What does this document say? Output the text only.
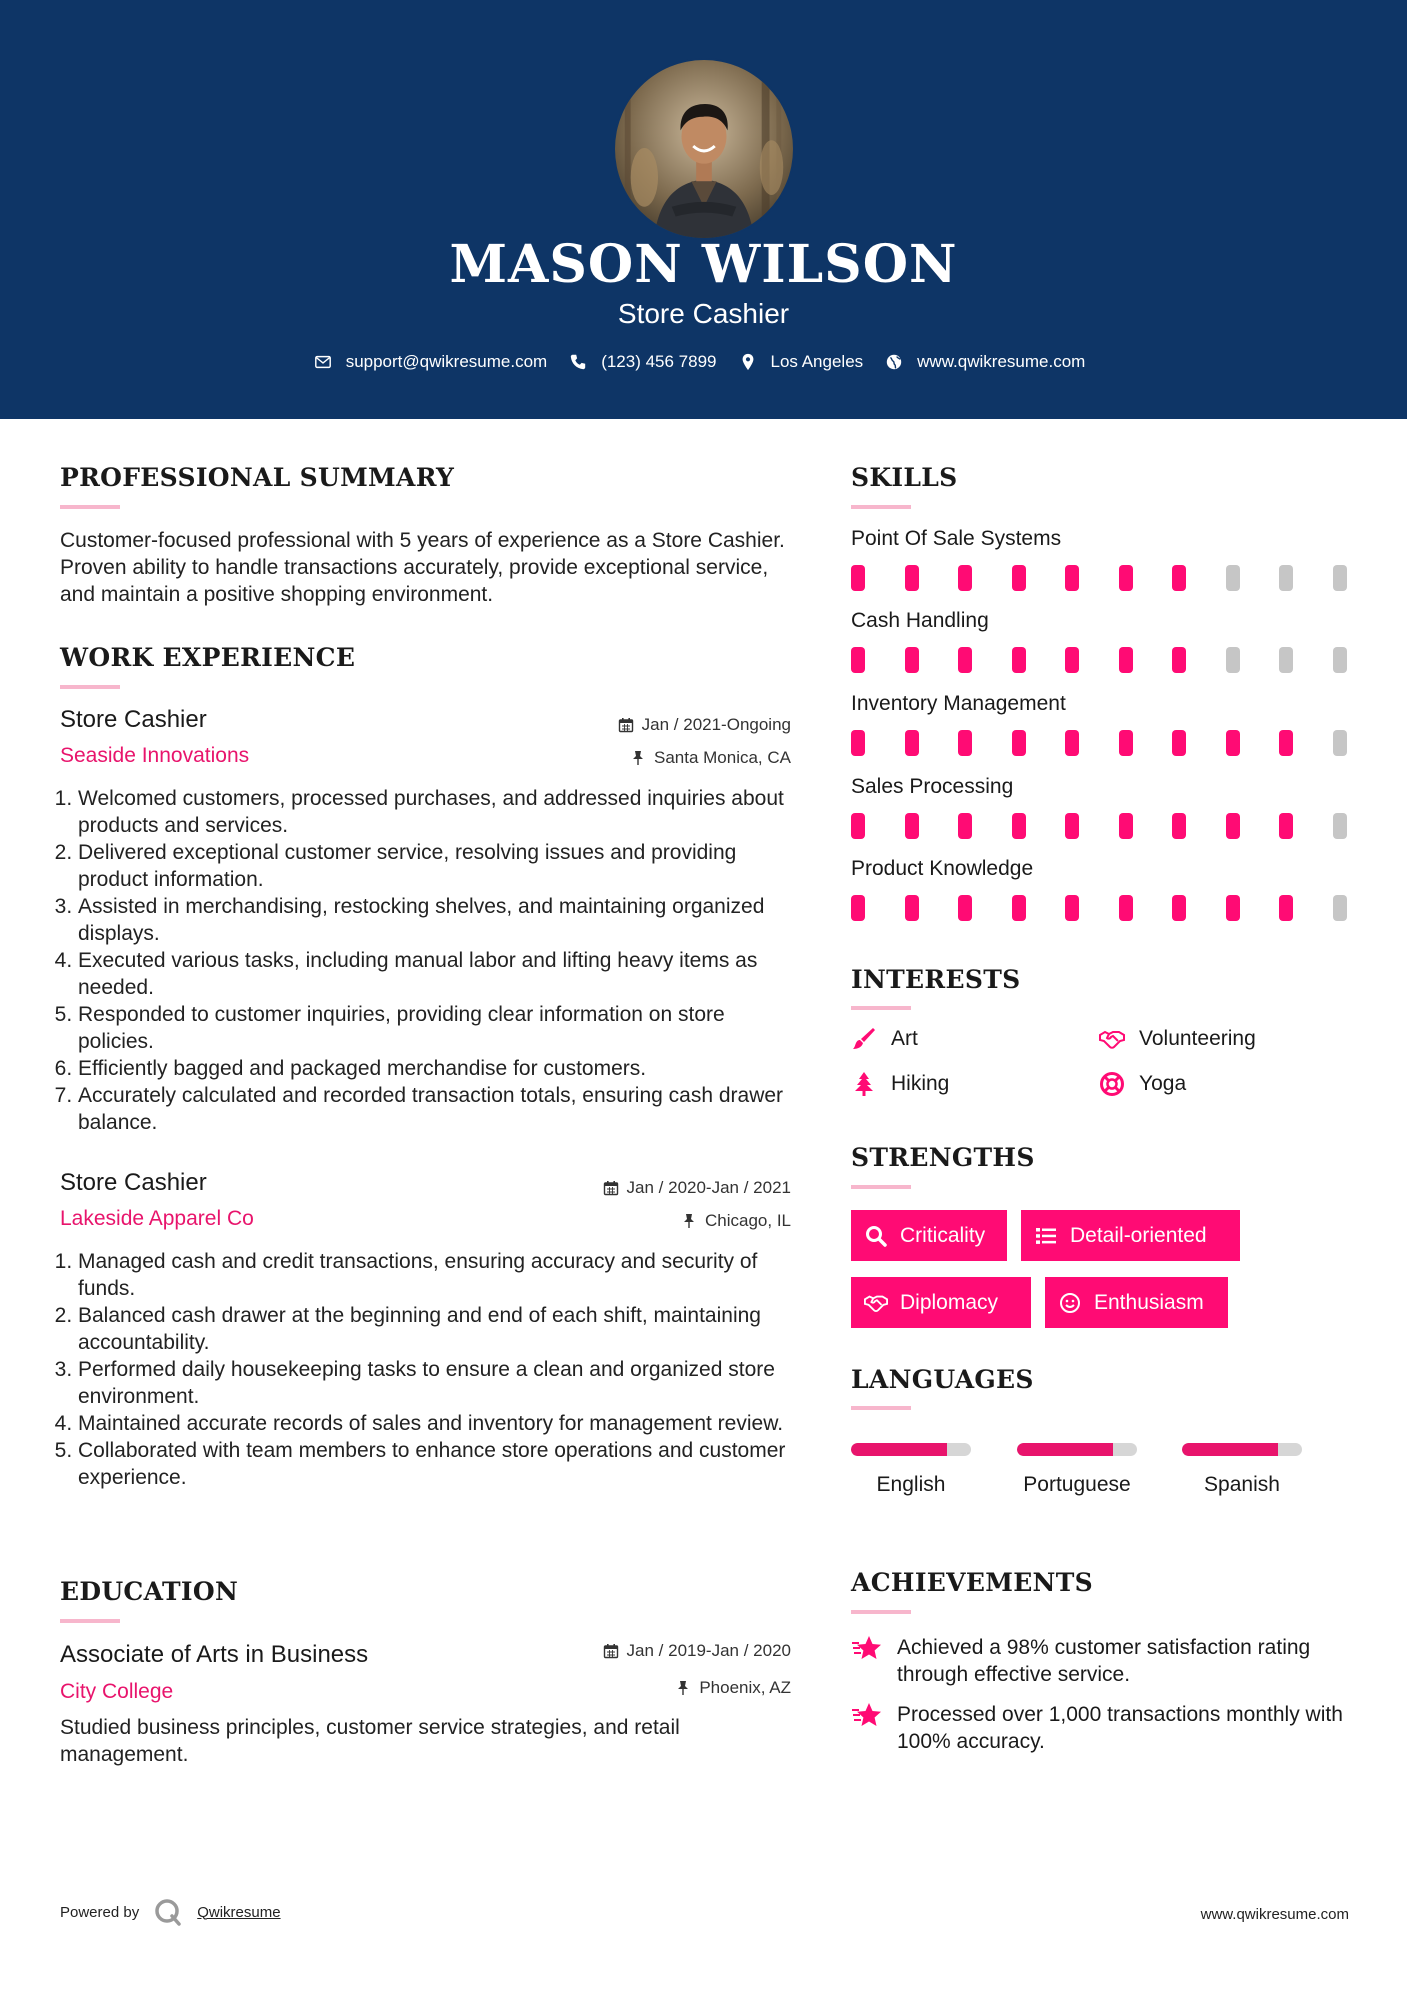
MASON WILSON
Store Cashier
support@qwikresume.com	(123) 456 7899	Los Angeles	www.qwikresume.com
PROFESSIONAL SUMMARY
Customer-focused professional with 5 years of experience as a Store Cashier. Proven ability to handle transactions accurately, provide exceptional service, and maintain a positive shopping environment.
WORK EXPERIENCE
Store Cashier	Jan / 2021-Ongoing
Seaside Innovations	Santa Monica, CA
1. Welcomed customers, processed purchases, and addressed inquiries about products and services.
2. Delivered exceptional customer service, resolving issues and providing product information.
3. Assisted in merchandising, restocking shelves, and maintaining organized displays.
4. Executed various tasks, including manual labor and lifting heavy items as needed.
5. Responded to customer inquiries, providing clear information on store policies.
6. Efficiently bagged and packaged merchandise for customers.
7. Accurately calculated and recorded transaction totals, ensuring cash drawer balance.
Store Cashier	Jan / 2020-Jan / 2021
Lakeside Apparel Co	Chicago, IL
1. Managed cash and credit transactions, ensuring accuracy and security of funds.
2. Balanced cash drawer at the beginning and end of each shift, maintaining accountability.
3. Performed daily housekeeping tasks to ensure a clean and organized store environment.
4. Maintained accurate records of sales and inventory for management review.
5. Collaborated with team members to enhance store operations and customer experience.
EDUCATION
Associate of Arts in Business	Jan / 2019-Jan / 2020
City College	Phoenix, AZ
Studied business principles, customer service strategies, and retail management.
SKILLS
Point Of Sale Systems
Cash Handling
Inventory Management
Sales Processing
Product Knowledge
INTERESTS
Art	Volunteering
Hiking	Yoga
STRENGTHS
Criticality	Detail-oriented
Diplomacy	Enthusiasm
LANGUAGES
English	Portuguese	Spanish
ACHIEVEMENTS
Achieved a 98% customer satisfaction rating through effective service.
Processed over 1,000 transactions monthly with 100% accuracy.
Powered by	Qwikresume	www.qwikresume.com
